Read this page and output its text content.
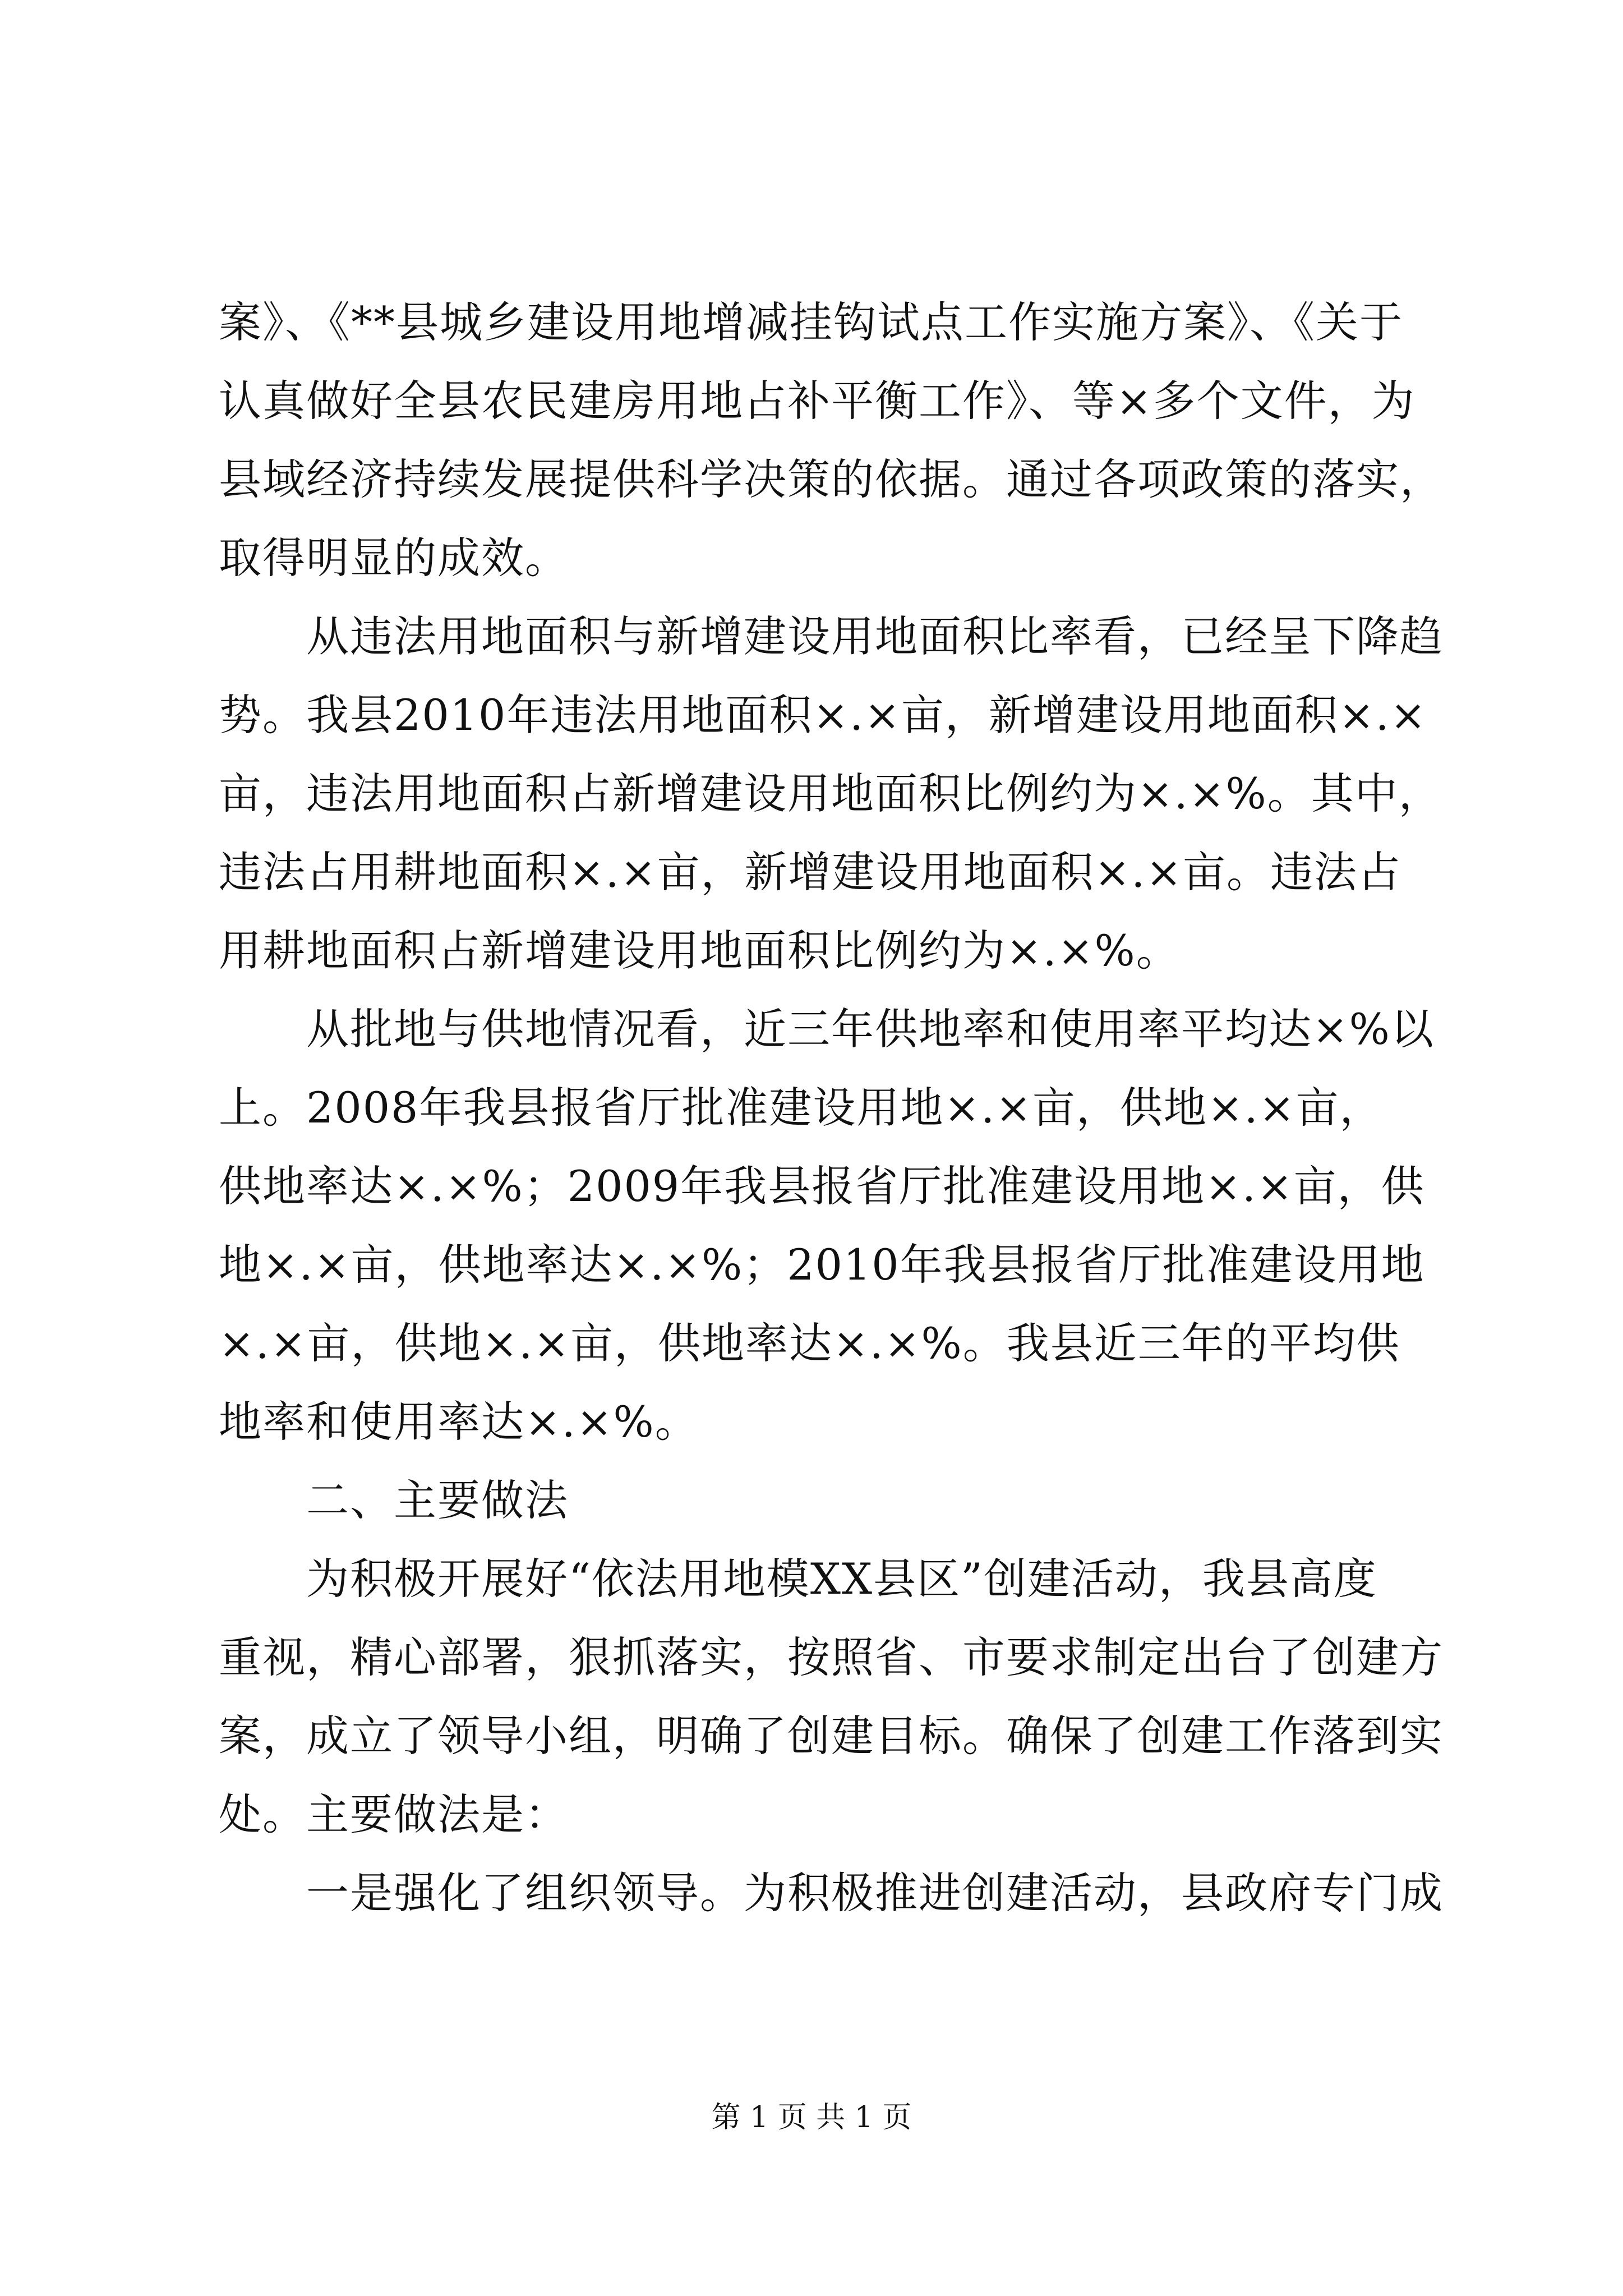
案》、《**县城乡建设用地增减挂钩试点工作实施方案》、《关于
认真做好全县农民建房用地占补平衡工作》、等×多个文件，为
县域经济持续发展提供科学决策的依据。通过各项政策的落实，
取得明显的成效。
　　从违法用地面积与新增建设用地面积比率看，已经呈下降趋
势。我县2010年违法用地面积×.×亩，新增建设用地面积×.×
亩，违法用地面积占新增建设用地面积比例约为×.×%。其中，
违法占用耕地面积×.×亩，新增建设用地面积×.×亩。违法占
用耕地面积占新增建设用地面积比例约为×.×%。
　　从批地与供地情况看，近三年供地率和使用率平均达×%以
上。2008年我县报省厅批准建设用地×.×亩，供地×.×亩，
供地率达×.×%；2009年我县报省厅批准建设用地×.×亩，供
地×.×亩，供地率达×.×%；2010年我县报省厅批准建设用地
×.×亩，供地×.×亩，供地率达×.×%。我县近三年的平均供
地率和使用率达×.×%。
　　二、主要做法
　　为积极开展好“依法用地模XX县区”创建活动，我县高度
重视，精心部署，狠抓落实，按照省、市要求制定出台了创建方
案，成立了领导小组，明确了创建目标。确保了创建工作落到实
处。主要做法是：
　　一是强化了组织领导。为积极推进创建活动，县政府专门成
第 1 页 共 1 页
